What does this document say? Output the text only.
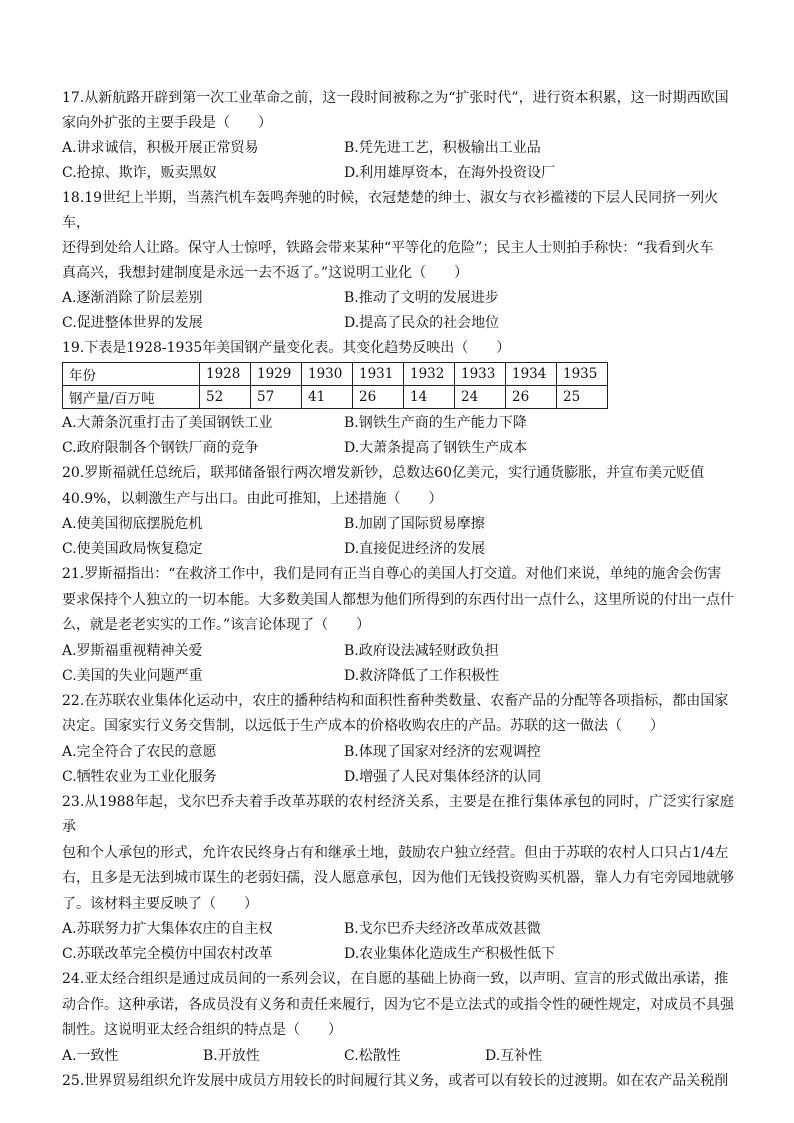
17.从新航路开辟到第一次工业革命之前，这一段时间被称之为“扩张时代”，进行资本积累，这一时期西欧国

家向外扩张的主要手段是（　　）

A.讲求诚信，积极开展正常贸易	B.凭先进工艺，积极输出工业品
C.抢掠、欺诈，贩卖黑奴	D.利用雄厚资本，在海外投资设厂

18.19世纪上半期，当蒸汽机车轰鸣奔驰的时候，衣冠楚楚的绅士、淑女与衣衫褴褛的下层人民同挤一列火车，

还得到处给人让路。保守人士惊呼，铁路会带来某种“平等化的危险”；民主人士则拍手称快：“我看到火车

真高兴，我想封建制度是永远一去不返了。”这说明工业化（　　）

A.逐渐消除了阶层差别	B.推动了文明的发展进步
C.促进整体世界的发展	D.提高了民众的社会地位

19.下表是1928-1935年美国钢产量变化表。其变化趋势反映出（　　）

年份	1928	1929	1930	1931	1932	1933	1934	1935
钢产量/百万吨	52	57	41	26	14	24	26	25
A.大萧条沉重打击了美国钢铁工业	B.钢铁生产商的生产能力下降
C.政府限制各个钢铁厂商的竞争	D.大萧条提高了钢铁生产成本

20.罗斯福就任总统后，联邦储备银行两次增发新钞，总数达60亿美元，实行通货膨胀，并宣布美元贬值

40.9%，以刺激生产与出口。由此可推知，上述措施（　　）

A.使美国彻底摆脱危机	B.加剧了国际贸易摩擦
C.使美国政局恢复稳定	D.直接促进经济的发展

21.罗斯福指出：“在救济工作中，我们是同有正当自尊心的美国人打交道。对他们来说，单纯的施舍会伤害

要求保持个人独立的一切本能。大多数美国人都想为他们所得到的东西付出一点什么，这里所说的付出一点什

么，就是老老实实的工作。”该言论体现了（　　）

A.罗斯福重视精神关爱	B.政府设法减轻财政负担
C.美国的失业问题严重	D.救济降低了工作积极性

22.在苏联农业集体化运动中，农庄的播种结构和面积性畜种类数量、农畜产品的分配等各项指标，都由国家

决定。国家实行义务交售制，以远低于生产成本的价格收购农庄的产品。苏联的这一做法（　　）

A.完全符合了农民的意愿	B.体现了国家对经济的宏观调控
C.牺牲农业为工业化服务	D.增强了人民对集体经济的认同

23.从1988年起，戈尔巴乔夫着手改革苏联的农村经济关系，主要是在推行集体承包的同时，广泛实行家庭承

包和个人承包的形式，允许农民终身占有和继承土地，鼓励农户独立经营。但由于苏联的农村人口只占1/4左

右，且多是无法到城市谋生的老弱妇孺，没人愿意承包，因为他们无钱投资购买机器，靠人力有宅旁园地就够

了。该材料主要反映了（　　）

A.苏联努力扩大集体农庄的自主权	B.戈尔巴乔夫经济改革成效甚微
C.苏联改革完全模仿中国农村改革	D.农业集体化造成生产积极性低下

24.亚太经合组织是通过成员间的一系列会议，在自愿的基础上协商一致，以声明、宣言的形式做出承诺，推

动合作。这种承诺，各成员没有义务和责任来履行，因为它不是立法式的或指令性的硬性规定，对成员不具强

制性。这说明亚太经合组织的特点是（　　）

A.一致性	B.开放性	C.松散性	D.互补性

25.世界贸易组织允许发展中成员方用较长的时间履行其义务，或者可以有较长的过渡期。如在农产品关税削
